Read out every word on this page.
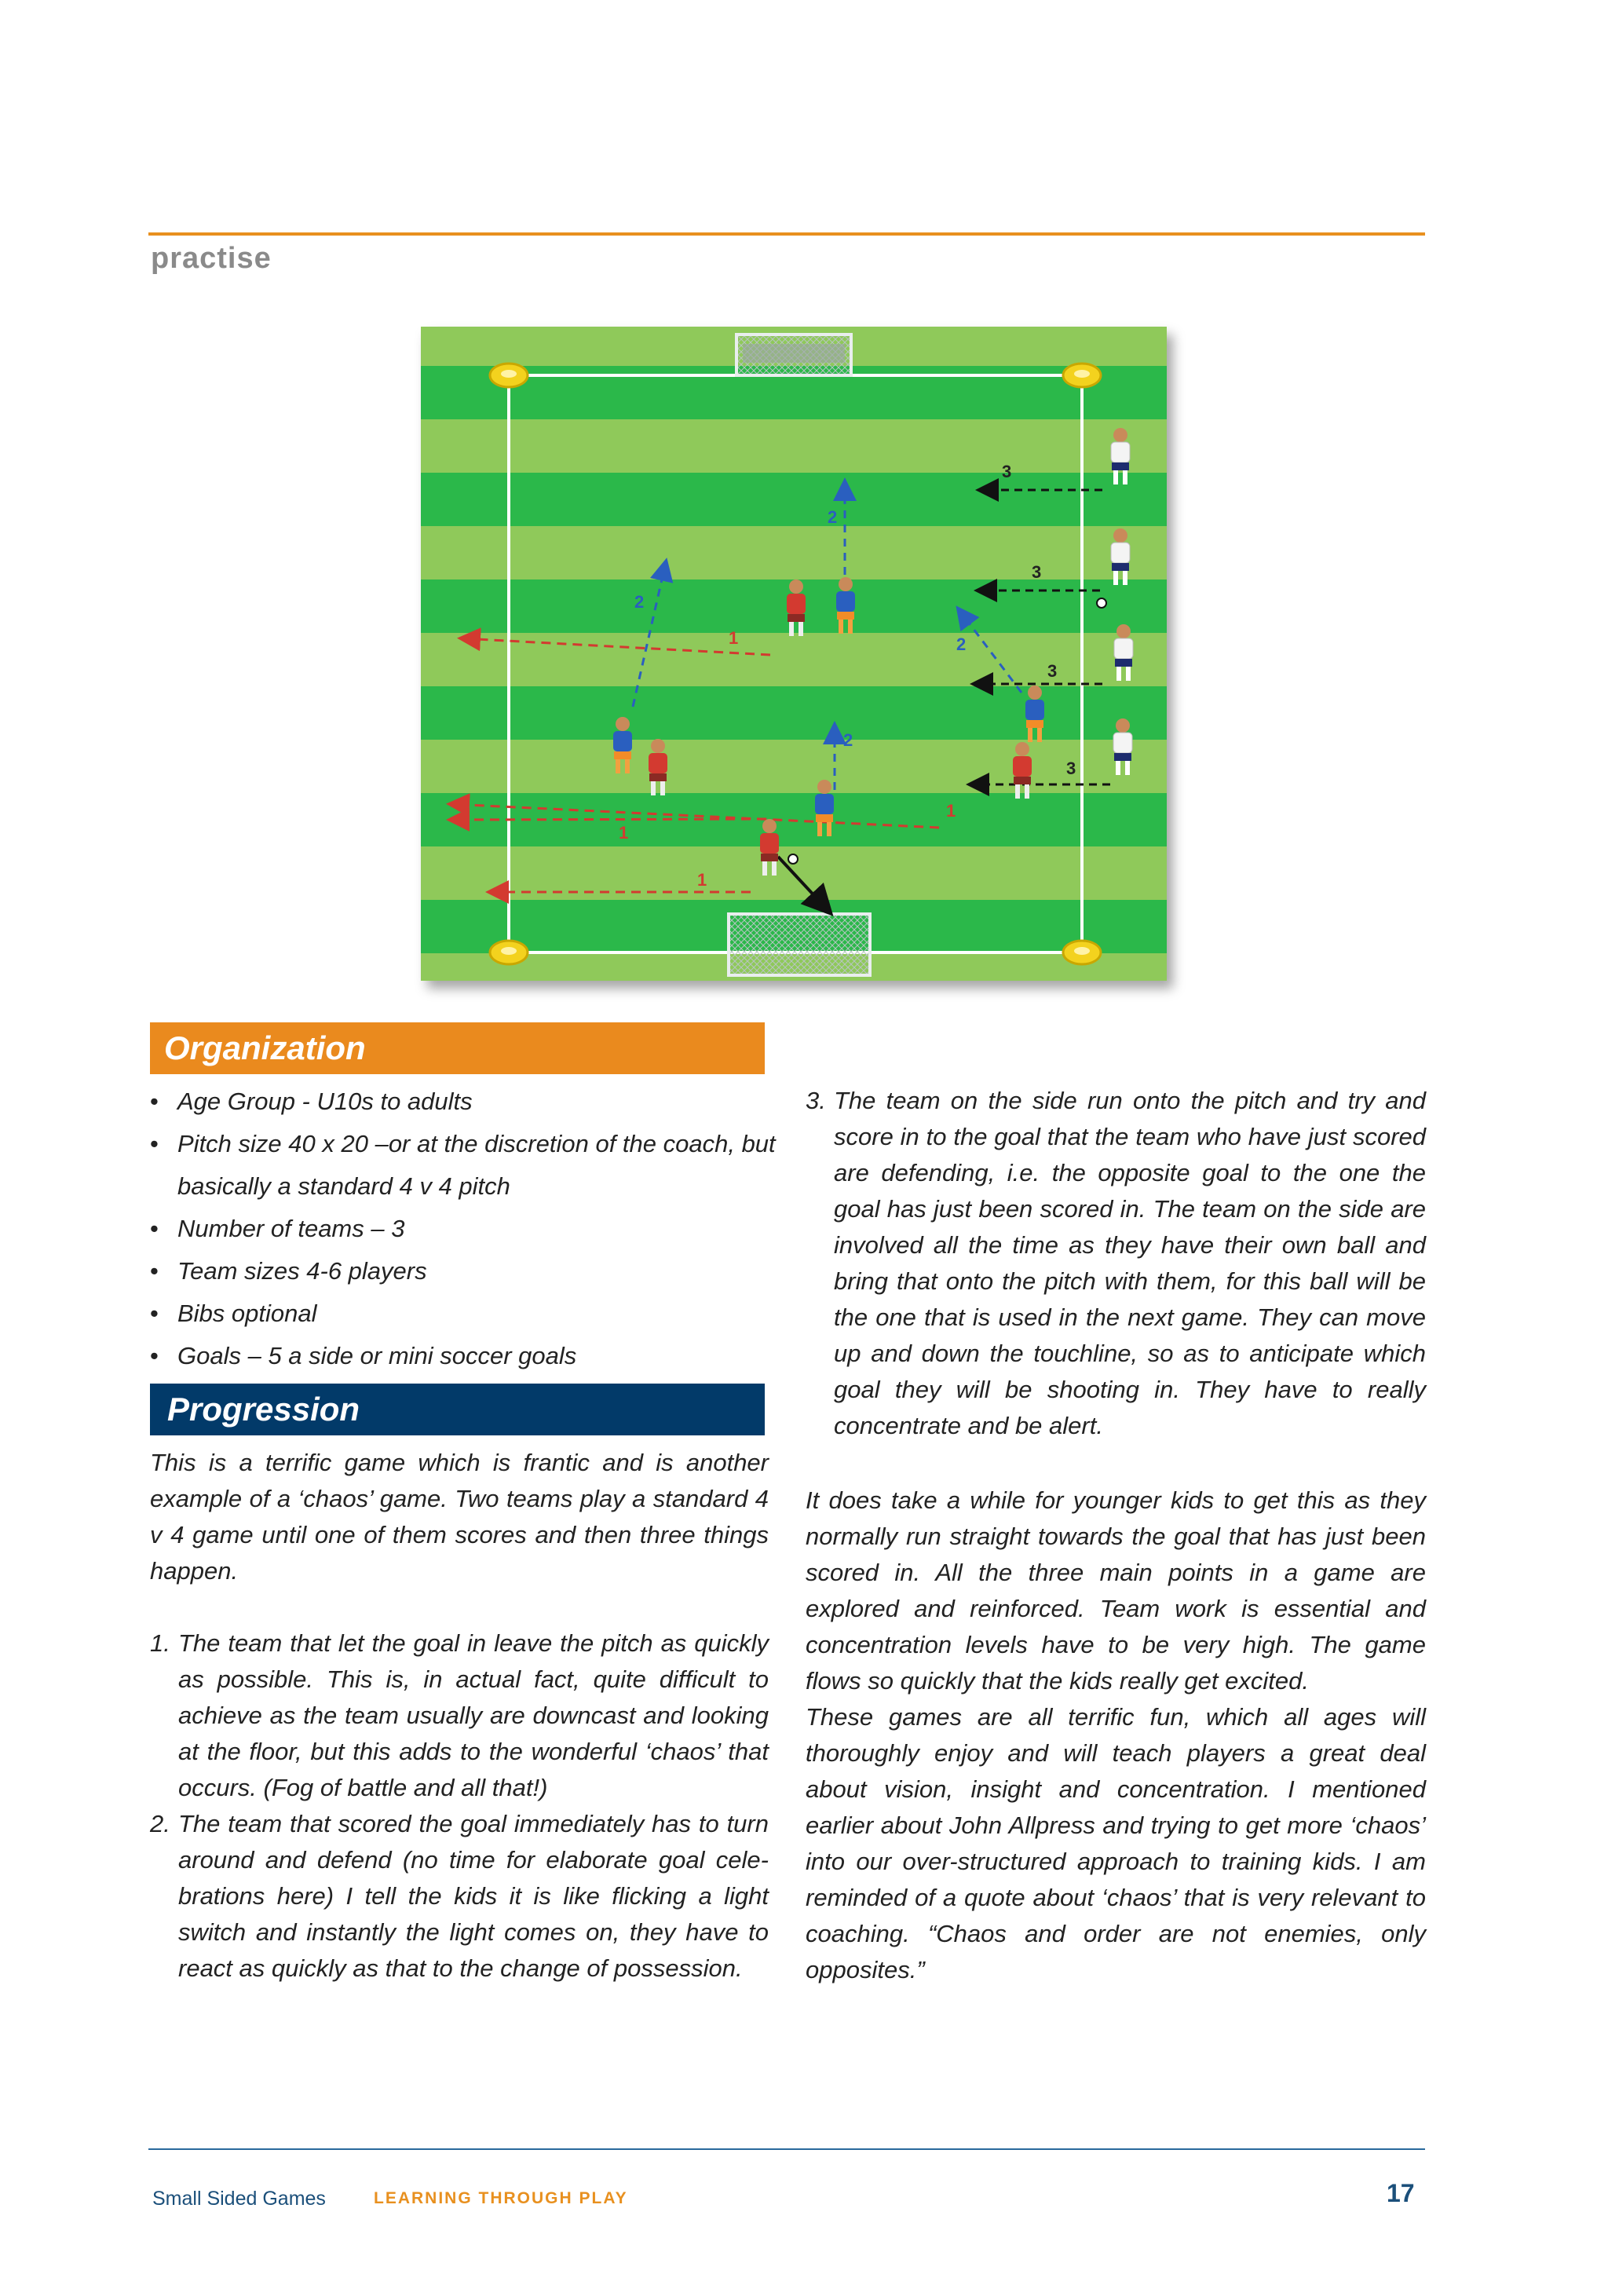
practise
1
1
1
1
2
2
2
2
3
3
3
3
Organization
• Age Group - U10s to adults
• Pitch size 40 x 20 –or at the discretion of the coach, but basically a standard 4 v 4 pitch
• Number of teams – 3
• Team sizes 4-6 players
• Bibs optional
• Goals – 5 a side or mini soccer goals
Progression

This is a terrific game which is frantic and is another example of a ‘chaos’ game. Two teams play a standard 4 v 4 game until one of them scores and then three things happen.

1. The team that let the goal in leave the pitch as quickly as possible. This is, in actual fact, quite difficult to achieve as the team usually are downcast and looking at the floor, but this adds to the wonderful ‘chaos’ that occurs. (Fog of battle and all that!)

2. The team that scored the goal immediately has to turn around and defend (no time for elaborate goal cele-brations here) I tell the kids it is like flicking a light switch and instantly the light comes on, they have to react as quickly as that to the change of possession.

3. The team on the side run onto the pitch and try and score in to the goal that the team who have just scored are defending, i.e. the opposite goal to the one the goal has just been scored in. The team on the side are involved all the time as they have their own ball and bring that onto the pitch with them, for this ball will be the one that is used in the next game. They can move up and down the touchline, so as to anticipate which goal they will be shooting in. They have to really concentrate and be alert.

It does take a while for younger kids to get this as they normally run straight towards the goal that has just been scored in. All the three main points in a game are explored and reinforced. Team work is essential and concentration levels have to be very high. The game flows so quickly that the kids really get excited.

These games are all terrific fun, which all ages will thoroughly enjoy and will teach players a great deal about vision, insight and concentration. I mentioned earlier about John Allpress and trying to get more ‘chaos’ into our over-structured approach to training kids. I am reminded of a quote about ‘chaos’ that is very relevant to coaching. “Chaos and order are not enemies, only opposites.”

Small Sided Games	LEARNING THROUGH PLAY	17
